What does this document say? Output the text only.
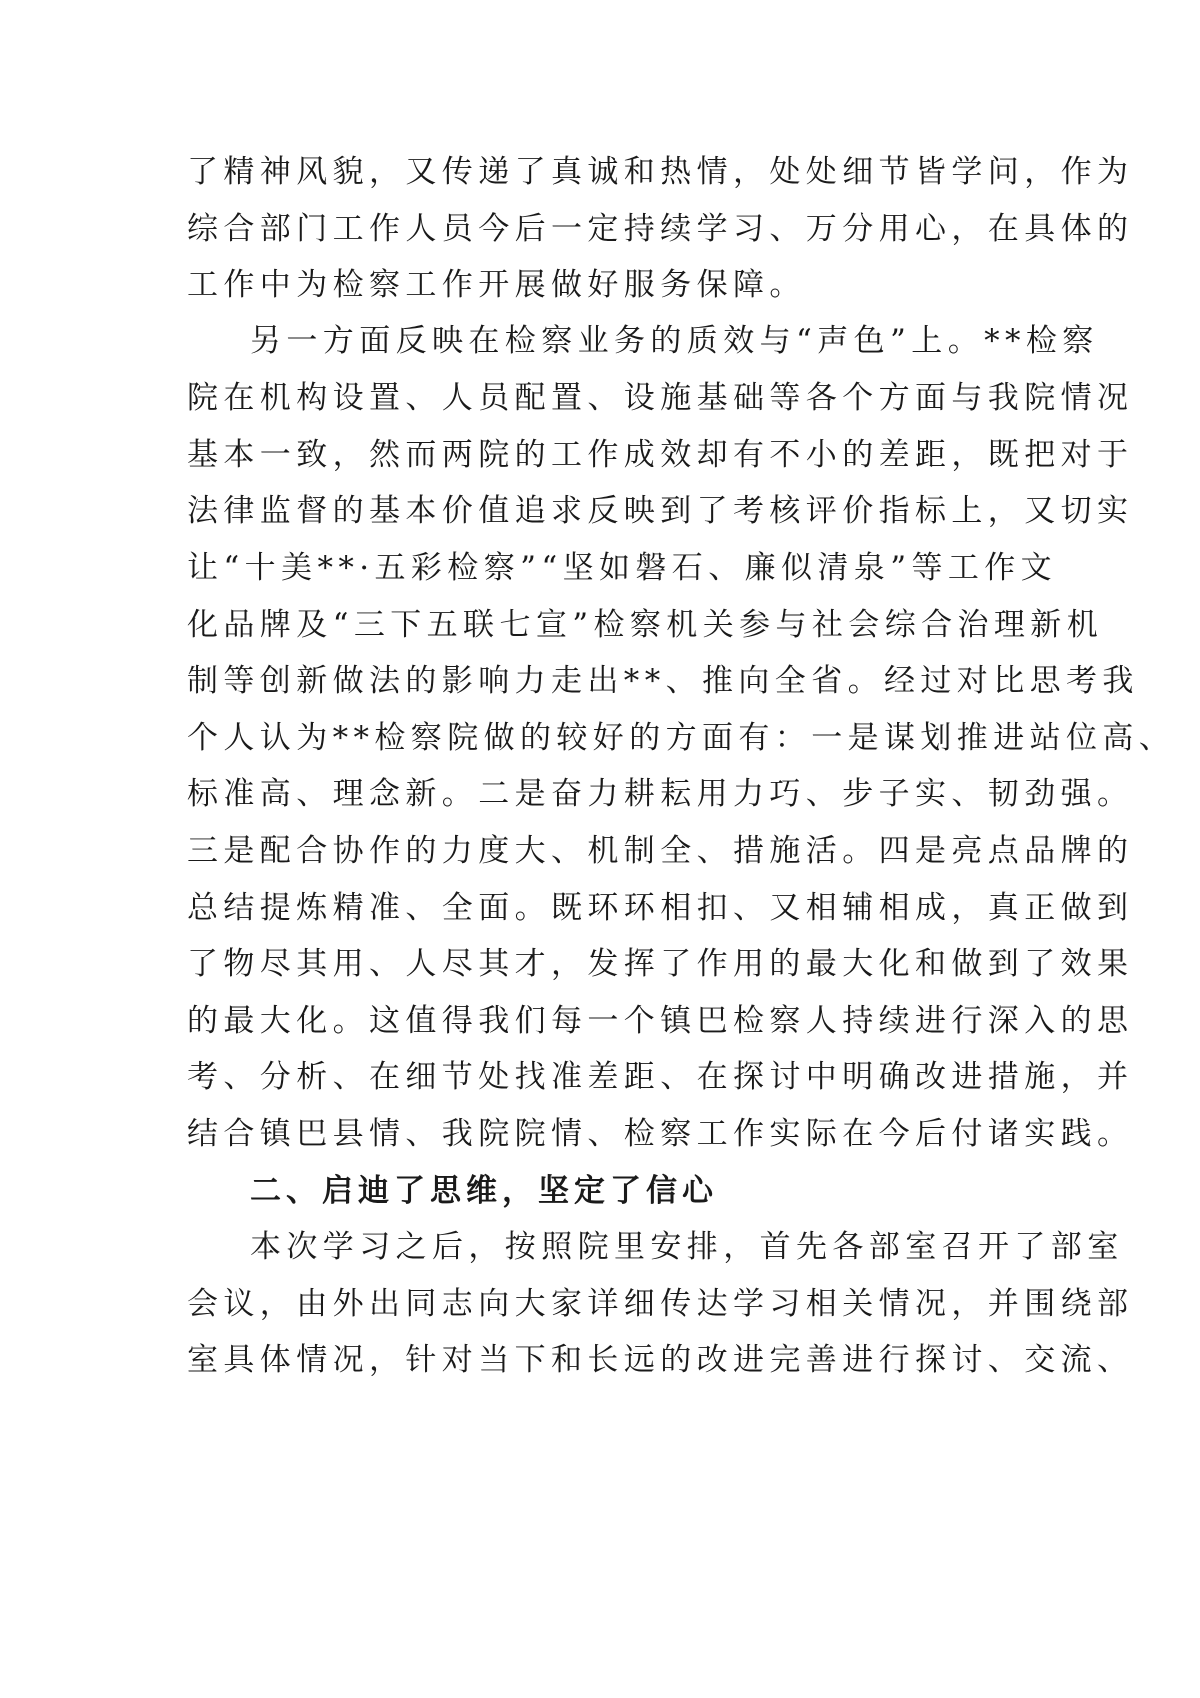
了精神风貌，又传递了真诚和热情，处处细节皆学问，作为
综合部门工作人员今后一定持续学习、万分用心，在具体的
工作中为检察工作开展做好服务保障。
另一方面反映在检察业务的质效与“声色”上。**检察
院在机构设置、人员配置、设施基础等各个方面与我院情况
基本一致，然而两院的工作成效却有不小的差距，既把对于
法律监督的基本价值追求反映到了考核评价指标上，又切实
让“十美**·五彩检察”“坚如磐石、廉似清泉”等工作文
化品牌及“三下五联七宣”检察机关参与社会综合治理新机
制等创新做法的影响力走出**、推向全省。经过对比思考我
个人认为**检察院做的较好的方面有：一是谋划推进站位高、
标准高、理念新。二是奋力耕耘用力巧、步子实、韧劲强。
三是配合协作的力度大、机制全、措施活。四是亮点品牌的
总结提炼精准、全面。既环环相扣、又相辅相成，真正做到
了物尽其用、人尽其才，发挥了作用的最大化和做到了效果
的最大化。这值得我们每一个镇巴检察人持续进行深入的思
考、分析、在细节处找准差距、在探讨中明确改进措施，并
结合镇巴县情、我院院情、检察工作实际在今后付诸实践。
二、启迪了思维，坚定了信心
本次学习之后，按照院里安排，首先各部室召开了部室
会议，由外出同志向大家详细传达学习相关情况，并围绕部
室具体情况，针对当下和长远的改进完善进行探讨、交流、
